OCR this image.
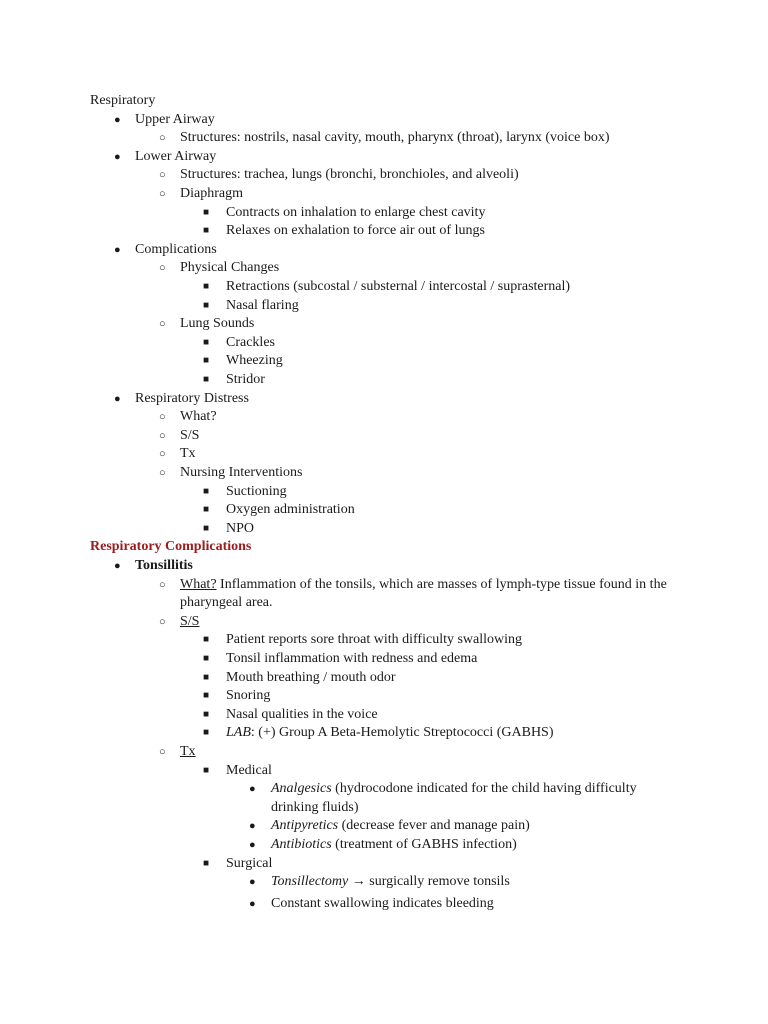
Respiratory
● Upper Airway
○ Structures: nostrils, nasal cavity, mouth, pharynx (throat), larynx (voice box)
● Lower Airway
○ Structures: trachea, lungs (bronchi, bronchioles, and alveoli)
○ Diaphragm
■ Contracts on inhalation to enlarge chest cavity
■ Relaxes on exhalation to force air out of lungs
● Complications
○ Physical Changes
■ Retractions (subcostal / substernal / intercostal / suprasternal)
■ Nasal flaring
○ Lung Sounds
■ Crackles
■ Wheezing
■ Stridor
● Respiratory Distress
○ What?
○ S/S
○ Tx
○ Nursing Interventions
■ Suctioning
■ Oxygen administration
■ NPO
Respiratory Complications
● Tonsillitis
○ What? Inflammation of the tonsils, which are masses of lymph-type tissue found in the
pharyngeal area.
○ S/S
■ Patient reports sore throat with difficulty swallowing
■ Tonsil inflammation with redness and edema
■ Mouth breathing / mouth odor
■ Snoring
■ Nasal qualities in the voice
■ LAB: (+) Group A Beta-Hemolytic Streptococci (GABHS)
○ Tx
■ Medical
● Analgesics (hydrocodone indicated for the child having difficulty
drinking fluids)
● Antipyretics (decrease fever and manage pain)
● Antibiotics (treatment of GABHS infection)
■ Surgical
● Tonsillectomy → surgically remove tonsils
● Constant swallowing indicates bleeding
